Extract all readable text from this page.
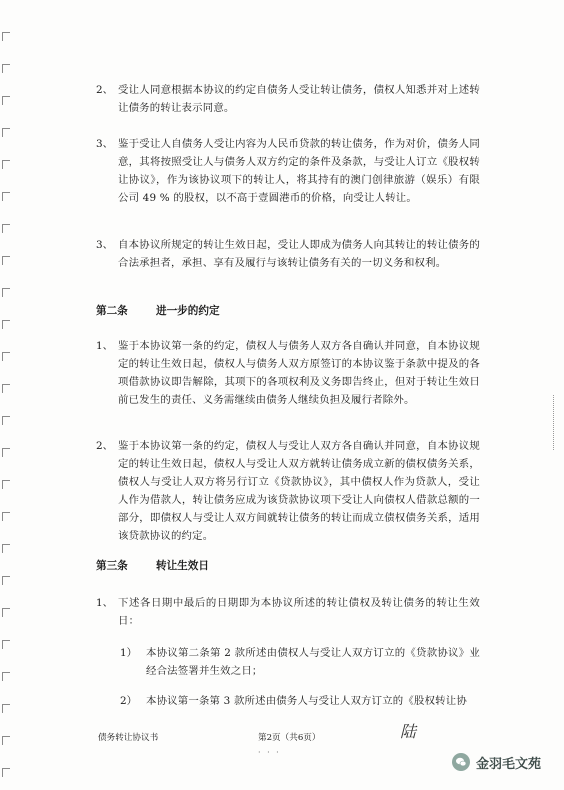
2、 受让人同意根据本协议的约定自债务人受让转让债务，债权人知悉并对上述转让债务的转让表示同意。
3、 鉴于受让人自债务人受让内容为人民币贷款的转让债务，作为对价，债务人同意，其将按照受让人与债务人双方约定的条件及条款，与受让人订立《股权转让协议》，作为该协议项下的转让人，将其持有的澳门创律旅游（娱乐）有限公司 49 % 的股权，以不高于壹圆港币的价格，向受让人转让。
3、 自本协议所规定的转让生效日起，受让人即成为债务人向其转让的转让债务的合法承担者，承担、享有及履行与该转让债务有关的一切义务和权利。
第二条	进一步的约定
1、 鉴于本协议第一条的约定，债权人与债务人双方各自确认并同意，自本协议规定的转让生效日起，债权人与债务人双方原签订的本协议鉴于条款中提及的各项借款协议即告解除，其项下的各项权利及义务即告终止，但对于转让生效日前已发生的责任、义务需继续由债务人继续负担及履行者除外。
2、 鉴于本协议第一条的约定，债权人与受让人双方各自确认并同意，自本协议规定的转让生效日起，债权人与受让人双方就转让债务成立新的债权债务关系，债权人与受让人双方将另行订立《贷款协议》，其中债权人作为贷款人，受让人作为借款人，转让债务应成为该贷款协议项下受让人向债权人借款总额的一部分，即债权人与受让人双方间就转让债务的转让而成立债权债务关系，适用该贷款协议的约定。
第三条	转让生效日
1、 下述各日期中最后的日期即为本协议所述的转让债权及转让债务的转让生效日：
1） 本协议第二条第 2 款所述由债权人与受让人双方订立的《贷款协议》业经合法签署并生效之日；
2） 本协议第一条第 3 款所述由债务人与受让人双方订立的《股权转让协
债务转让协议书	第2页（共6页）	陆
· · ·
金羽毛文苑
